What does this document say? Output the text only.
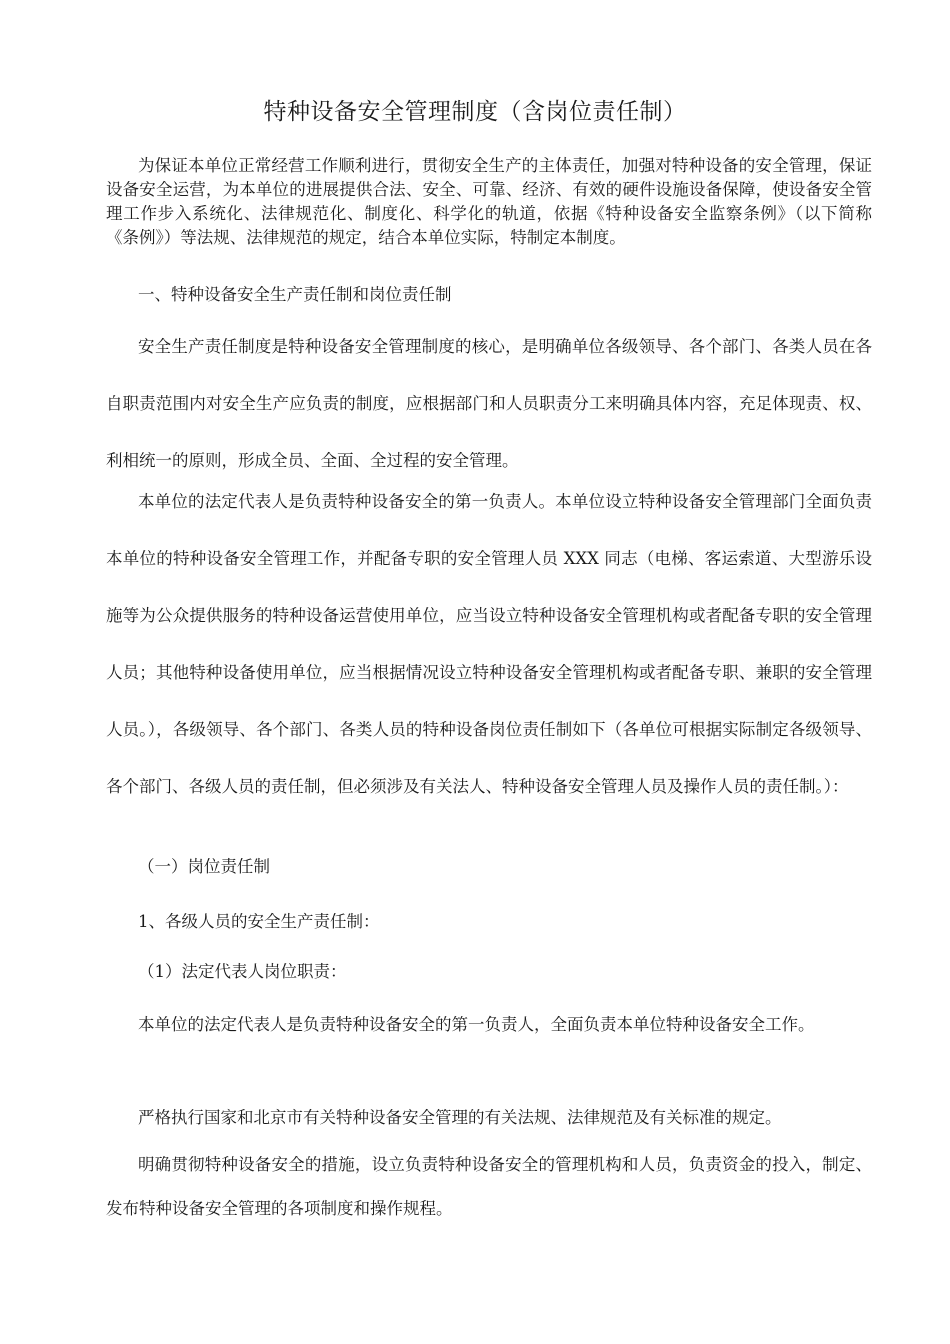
特种设备安全管理制度（含岗位责任制）

为保证本单位正常经营工作顺利进行，贯彻安全生产的主体责任，加强对特种设备的安全管理，保证设备安全运营，为本单位的进展提供合法、安全、可靠、经济、有效的硬件设施设备保障，使设备安全管理工作步入系统化、法律规范化、制度化、科学化的轨道，依据《特种设备安全监察条例》（以下简称《条例》）等法规、法律规范的规定，结合本单位实际，特制定本制度。

一、特种设备安全生产责任制和岗位责任制

安全生产责任制度是特种设备安全管理制度的核心，是明确单位各级领导、各个部门、各类人员在各自职责范围内对安全生产应负责的制度，应根据部门和人员职责分工来明确具体内容，充足体现责、权、利相统一的原则，形成全员、全面、全过程的安全管理。

本单位的法定代表人是负责特种设备安全的第一负责人。本单位设立特种设备安全管理部门全面负责本单位的特种设备安全管理工作，并配备专职的安全管理人员 XXX 同志（电梯、客运索道、大型游乐设施等为公众提供服务的特种设备运营使用单位，应当设立特种设备安全管理机构或者配备专职的安全管理人员；其他特种设备使用单位，应当根据情况设立特种设备安全管理机构或者配备专职、兼职的安全管理人员。），各级领导、各个部门、各类人员的特种设备岗位责任制如下（各单位可根据实际制定各级领导、各个部门、各级人员的责任制，但必须涉及有关法人、特种设备安全管理人员及操作人员的责任制。）：

（一）岗位责任制

1、各级人员的安全生产责任制：

（1）法定代表人岗位职责：

本单位的法定代表人是负责特种设备安全的第一负责人，全面负责本单位特种设备安全工作。

严格执行国家和北京市有关特种设备安全管理的有关法规、法律规范及有关标准的规定。

明确贯彻特种设备安全的措施，设立负责特种设备安全的管理机构和人员，负责资金的投入，制定、发布特种设备安全管理的各项制度和操作规程。
